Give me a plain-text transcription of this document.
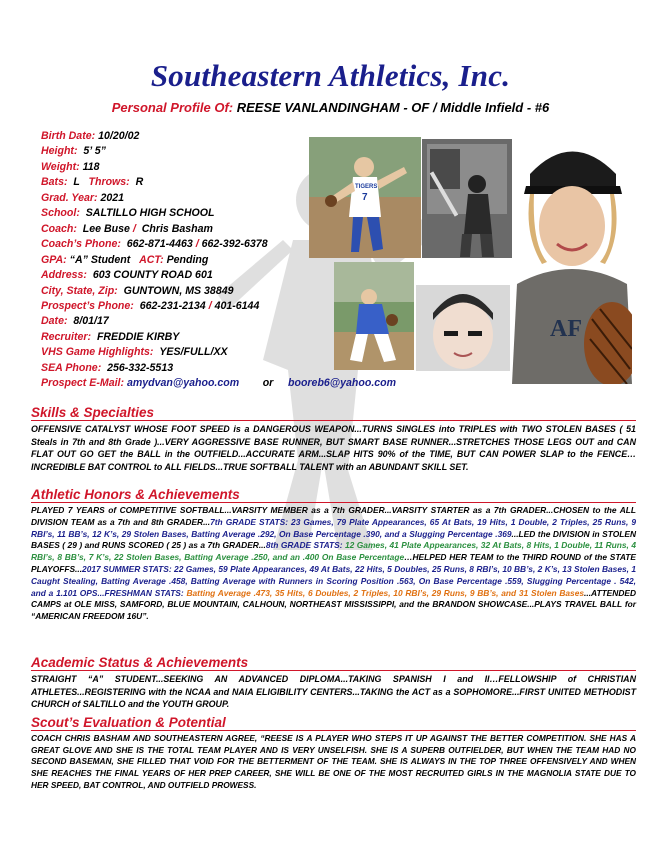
Southeastern Athletics, Inc.
Personal Profile Of: REESE VANLANDINGHAM - OF / Middle Infield - #6
Birth Date: 10/20/02
Height: 5’ 5”
Weight: 118
Bats: L Throws: R
Grad. Year: 2021
School: SALTILLO HIGH SCHOOL
Coach: Lee Buse / Chris Basham
Coach’s Phone: 662-871-4463 / 662-392-6378
GPA: “A” Student ACT: Pending
Address: 603 COUNTY ROAD 601
City, State, Zip: GUNTOWN, MS 38849
Prospect’s Phone: 662-231-2134 / 401-6144
Date: 8/01/17
Recruiter: FREDDIE KIRBY
VHS Game Highlights: YES/FULL/XX
SEA Phone: 256-332-5513
Prospect E-Mail: amydvan@yahoo.com or booreb6@yahoo.com
TIGERS
7
AF
Skills & Specialties
OFFENSIVE CATALYST WHOSE FOOT SPEED is a DANGEROUS WEAPON...TURNS SINGLES into TRIPLES with TWO STOLEN BASES ( 51 Steals in 7th and 8th Grade )...VERY AGGRESSIVE BASE RUNNER, BUT SMART BASE RUNNER...STRETCHES THOSE LEGS OUT and CAN FLAT OUT GO GET the BALL in the OUTFIELD...ACCURATE ARM...SLAP HITS 90% of the TIME, BUT CAN POWER SLAP to the FENCE…INCREDIBLE BAT CONTROL to ALL FIELDS...TRUE SOFTBALL TALENT with an ABUNDANT SKILL SET.
Athletic Honors & Achievements
PLAYED 7 YEARS of COMPETITIVE SOFTBALL...VARSITY MEMBER as a 7th GRADER...VARSITY STARTER as a 7th GRADER...CHOSEN to the ALL DIVISION TEAM as a 7th and 8th GRADER...7th GRADE STATS: 23 Games, 79 Plate Appearances, 65 At Bats, 19 Hits, 1 Double, 2 Triples, 25 Runs, 9 RBI’s, 11 BB’s, 12 K’s, 29 Stolen Bases, Batting Average .292, On Base Percentage .390, and a Slugging Percentage .369...LED the DIVISION in STOLEN BASES ( 29 ) and RUNS SCORED ( 25 ) as a 7th GRADER...8th GRADE STATS: 12 Games, 41 Plate Appearances, 32 At Bats, 8 Hits, 1 Double, 11 Runs, 4 RBI’s, 8 BB’s, 7 K’s, 22 Stolen Bases, Batting Average .250, and an .400 On Base Percentage…HELPED HER TEAM to the THIRD ROUND of the STATE PLAYOFFS...2017 SUMMER STATS: 22 Games, 59 Plate Appearances, 49 At Bats, 22 Hits, 5 Doubles, 25 Runs, 8 RBI’s, 10 BB’s, 2 K’s, 13 Stolen Bases, 1 Caught Stealing, Batting Average .458, Batting Average with Runners in Scoring Position .563, On Base Percentage .559, Slugging Percentage . 542, and a 1.101 OPS...FRESHMAN STATS: Batting Average .473, 35 Hits, 6 Doubles, 2 Triples, 10 RBI’s, 29 Runs, 9 BB’s, and 31 Stolen Bases...ATTENDED CAMPS at OLE MISS, SAMFORD, BLUE MOUNTAIN, CALHOUN, NORTHEAST MISSISSIPPI, and the BRANDON SHOWCASE...PLAYS TRAVEL BALL for “AMERICAN FREEDOM 16U”.
Academic Status & Achievements
STRAIGHT “A” STUDENT...SEEKING AN ADVANCED DIPLOMA...TAKING SPANISH I and II…FELLOWSHIP of CHRISTIAN ATHLETES...REGISTERING with the NCAA and NAIA ELIGIBILITY CENTERS...TAKING the ACT as a SOPHOMORE...FIRST UNITED METHODIST CHURCH of SALTILLO and the YOUTH GROUP.
Scout’s Evaluation & Potential
COACH CHRIS BASHAM AND SOUTHEASTERN AGREE, “REESE IS A PLAYER WHO STEPS IT UP AGAINST THE BETTER COMPETITION. SHE HAS A GREAT GLOVE AND SHE IS THE TOTAL TEAM PLAYER AND IS VERY UNSELFISH. SHE IS A SUPERB OUTFIELDER, BUT WHEN THE TEAM HAD NO SECOND BASEMAN, SHE FILLED THAT VOID FOR THE BETTERMENT OF THE TEAM. SHE IS ALWAYS IN THE TOP THREE OFFENSIVELY AND WHEN SHE REACHES THE FINAL YEARS OF HER PREP CAREER, SHE WILL BE ONE OF THE MOST RECRUITED GIRLS IN THE MAGNOLIA STATE DUE TO HER SPEED, BAT CONTROL, AND OUTFIELD PROWESS.
